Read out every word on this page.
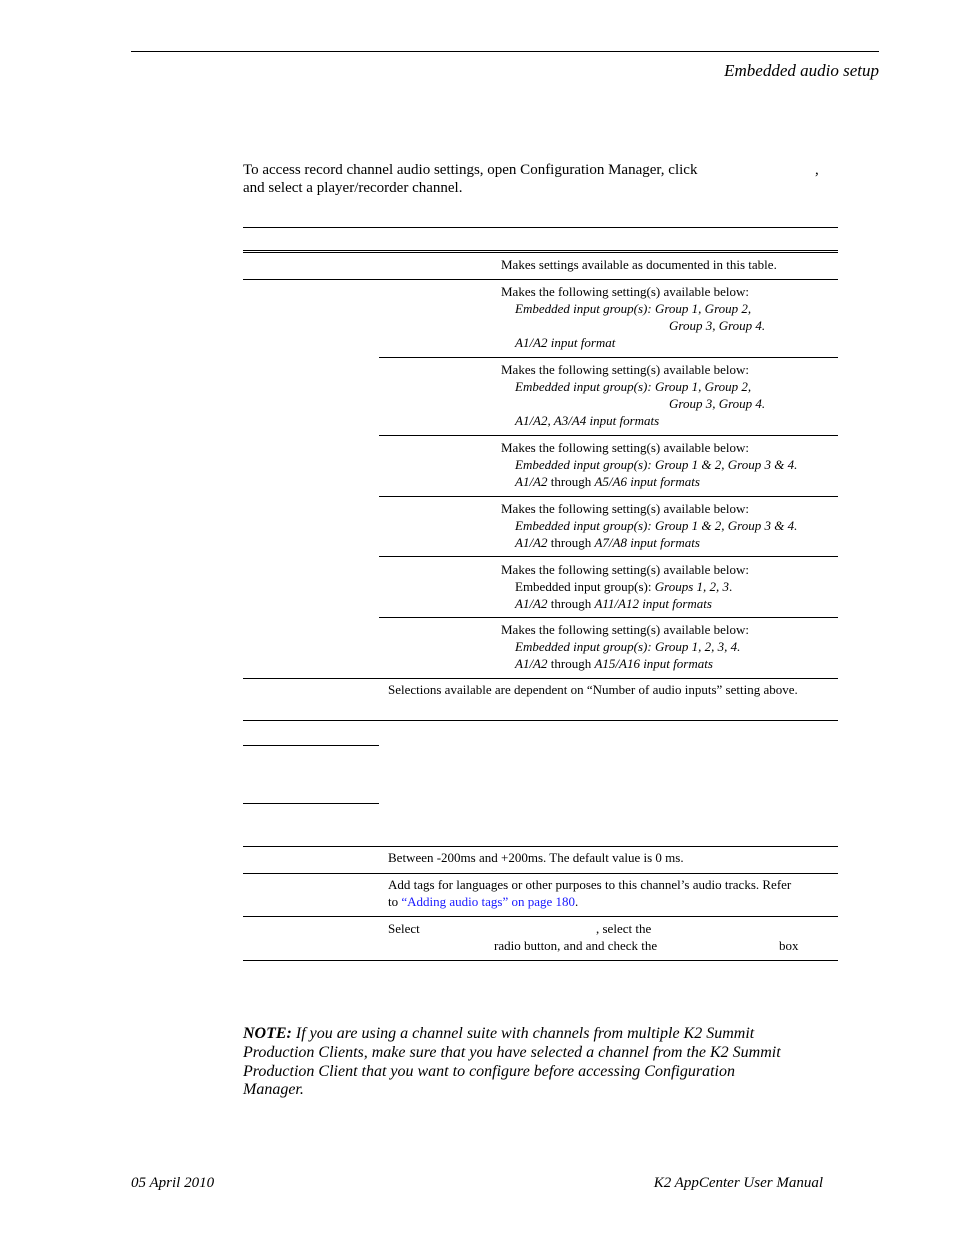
Embedded audio setup
To access record channel audio settings, open Configuration Manager, click	,
and select a player/recorder channel.
Makes settings available as documented in this table.
Makes the following setting(s) available below:
Embedded input group(s): Group 1, Group 2,
Group 3, Group 4.
A1/A2 input format
Makes the following setting(s) available below:
Embedded input group(s): Group 1, Group 2,
Group 3, Group 4.
A1/A2, A3/A4 input formats
Makes the following setting(s) available below:
Embedded input group(s): Group 1 & 2, Group 3 & 4.
A1/A2 through A5/A6 input formats
Makes the following setting(s) available below:
Embedded input group(s): Group 1 & 2, Group 3 & 4.
A1/A2 through A7/A8 input formats
Makes the following setting(s) available below:
Embedded input group(s): Groups 1, 2, 3.
A1/A2 through A11/A12 input formats
Makes the following setting(s) available below:
Embedded input group(s): Group 1, 2, 3, 4.
A1/A2 through A15/A16 input formats
Selections available are dependent on “Number of audio inputs” setting above.
Between -200ms and +200ms. The default value is 0 ms.
Add tags for languages or other purposes to this channel’s audio tracks. Refer
to “Adding audio tags” on page 180.
Select	, select the
radio button, and and check the	box
NOTE: If you are using a channel suite with channels from multiple K2 Summit
Production Clients, make sure that you have selected a channel from the K2 Summit
Production Client that you want to configure before accessing Configuration
Manager.
05 April 2010	K2 AppCenter User Manual
